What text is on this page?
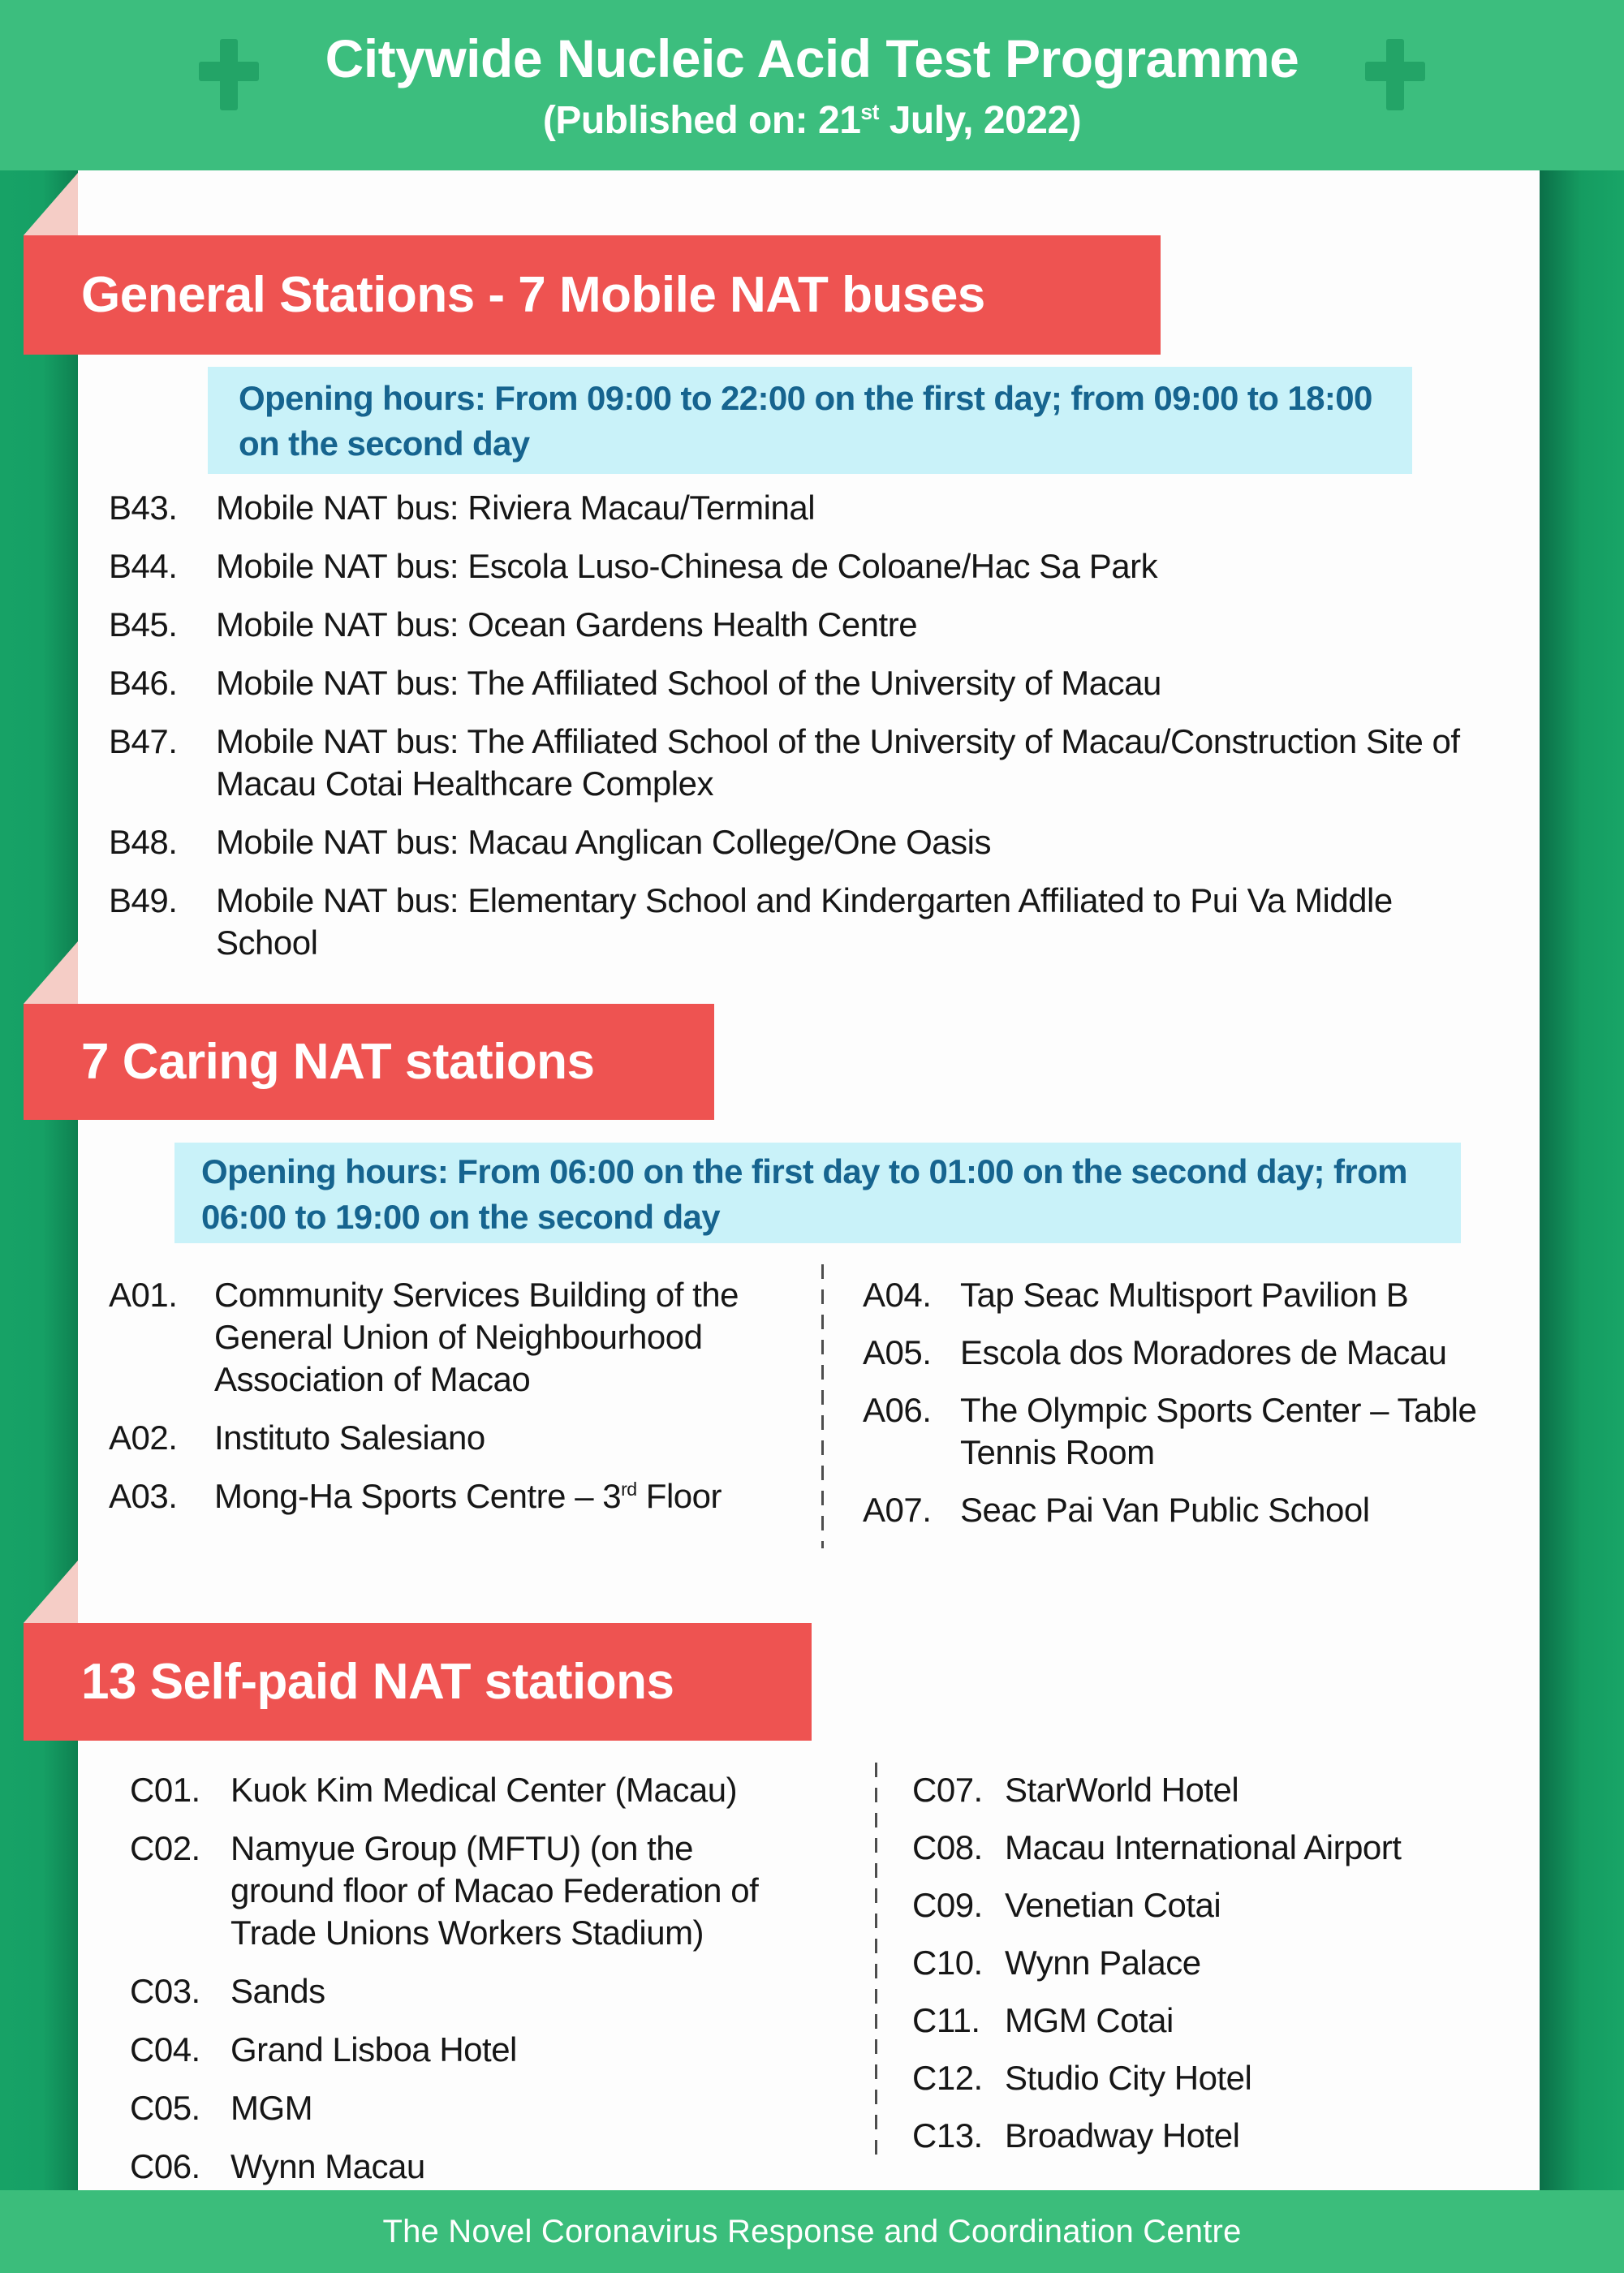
Citywide Nucleic Acid Test Programme
(Published on: 21st July, 2022)
General Stations - 7 Mobile NAT buses
Opening hours: From 09:00 to 22:00 on the first day; from 09:00 to 18:00 on the second day
B43.	Mobile NAT bus: Riviera Macau/Terminal
B44.	Mobile NAT bus: Escola Luso-Chinesa de Coloane/Hac Sa Park
B45.	Mobile NAT bus: Ocean Gardens Health Centre
B46.	Mobile NAT bus: The Affiliated School of the University of Macau
B47.	Mobile NAT bus: The Affiliated School of the University of Macau/Construction Site of Macau Cotai Healthcare Complex
B48.	Mobile NAT bus: Macau Anglican College/One Oasis
B49.	Mobile NAT bus: Elementary School and Kindergarten Affiliated to Pui Va Middle School
7 Caring NAT stations
Opening hours: From 06:00 on the first day to 01:00 on the second day; from 06:00 to 19:00 on the second day
A01.	Community Services Building of the General Union of Neighbourhood Association of Macao
A02.	Instituto Salesiano
A03.	Mong-Ha Sports Centre – 3rd Floor
A04. Tap Seac Multisport Pavilion B
A05. Escola dos Moradores de Macau
A06. The Olympic Sports Center – Table Tennis Room
A07. Seac Pai Van Public School
13 Self-paid NAT stations
C01. Kuok Kim Medical Center (Macau)
C02. Namyue Group (MFTU) (on the ground floor of Macao Federation of Trade Unions Workers Stadium)
C03. Sands
C04. Grand Lisboa Hotel
C05. MGM
C06. Wynn Macau
C07. StarWorld Hotel
C08. Macau International Airport
C09. Venetian Cotai
C10. Wynn Palace
C11. MGM Cotai
C12. Studio City Hotel
C13. Broadway Hotel
The Novel Coronavirus Response and Coordination Centre
